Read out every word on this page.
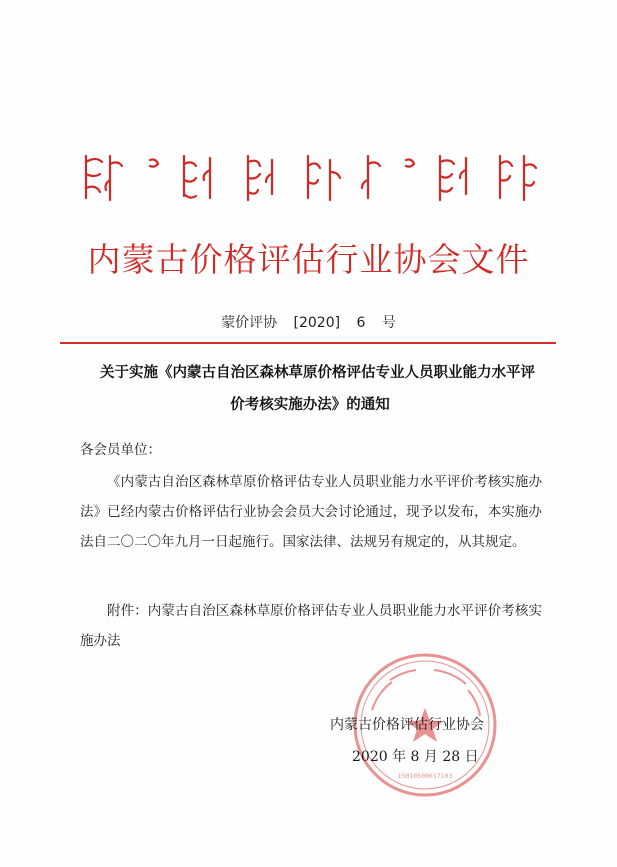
内蒙古价格评估行业协会文件
蒙价评协 [2020] 6 号
关于实施《内蒙古自治区森林草原价格评估专业人员职业能力水平评
价考核实施办法》的通知
各会员单位：
《内蒙古自治区森林草原价格评估专业人员职业能力水平评价考核实施办法》已经内蒙古价格评估行业协会会员大会讨论通过，现予以发布，本实施办法自二〇二〇年九月一日起施行。国家法律、法规另有规定的，从其规定。
附件：内蒙古自治区森林草原价格评估专业人员职业能力水平评价考核实施办法
15010500017103
内蒙古价格评估行业协会
2020 年 8 月 28 日
